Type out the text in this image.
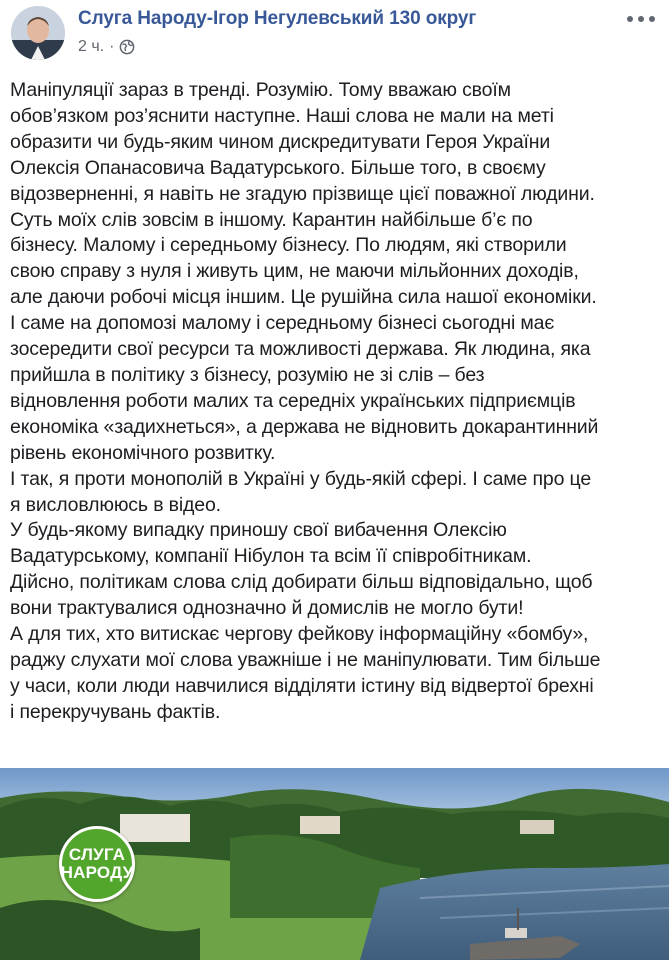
Слуга Народу-Ігор Негулевський 130 округ
2 ч. ·

Маніпуляції зараз в тренді. Розумію. Тому вважаю своїм

обов’язком роз’яснити наступне. Наші слова не мали на меті

образити чи будь-яким чином дискредитувати Героя України

Олексія Опанасовича Вадатурського. Більше того, в своєму

відозверненні, я навіть не згадую прізвище цієї поважної людини.

Суть моїх слів зовсім в іншому. Карантин найбільше б’є по

бізнесу. Малому і середньому бізнесу. По людям, які створили

свою справу з нуля і живуть цим, не маючи мільйонних доходів,

але даючи робочі місця іншим. Це рушійна сила нашої економіки.

І саме на допомозі малому і середньому бізнесі сьогодні має

зосередити свої ресурси та можливості держава. Як людина, яка

прийшла в політику з бізнесу, розумію не зі слів – без

відновлення роботи малих та середніх українських підприємців

економіка «задихнеться», а держава не відновить докарантинний

рівень економічного розвитку.

І так, я проти монополій в Україні у будь-якій сфері. І саме про це

я висловлююсь в відео.

У будь-якому випадку приношу свої вибачення Олексію

Вадатурському, компанії Нібулон та всім її співробітникам.

Дійсно, політикам слова слід добирати більш відповідально, щоб

вони трактувалися однозначно й домислів не могло бути!

А для тих, хто витискає чергову фейкову інформаційну «бомбу»,

раджу слухати мої слова уважніше і не маніпулювати. Тим більше

у часи, коли люди навчилися відділяти істину від відвертої брехні

і перекручувань фактів.

СЛУГА
НАРОДУ
